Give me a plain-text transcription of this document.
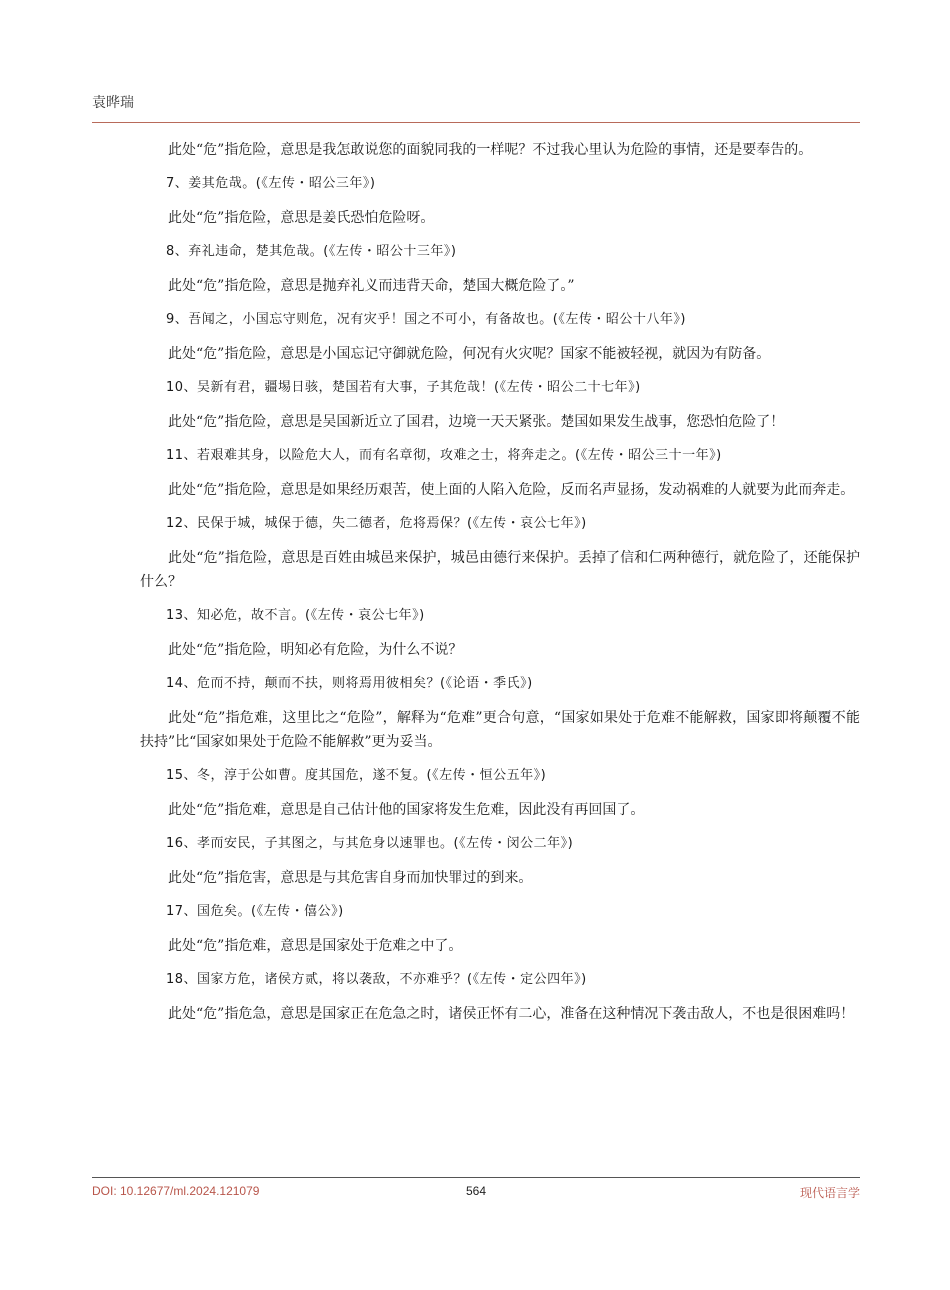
袁晔瑞

此处“危”指危险，意思是我怎敢说您的面貌同我的一样呢？不过我心里认为危险的事情，还是要奉告的。

7、姜其危哉。(《左传・昭公三年》)

此处“危”指危险，意思是姜氏恐怕危险呀。

8、弃礼违命，楚其危哉。(《左传・昭公十三年》)

此处“危”指危险，意思是抛弃礼义而违背天命，楚国大概危险了。”

9、吾闻之，小国忘守则危，况有灾乎！国之不可小，有备故也。(《左传・昭公十八年》)

此处“危”指危险，意思是小国忘记守御就危险，何况有火灾呢？国家不能被轻视，就因为有防备。

10、吴新有君，疆埸日骇，楚国若有大事，子其危哉！(《左传・昭公二十七年》)

此处“危”指危险，意思是吴国新近立了国君，边境一天天紧张。楚国如果发生战事，您恐怕危险了！

11、若艰难其身，以险危大人，而有名章彻，攻难之士，将奔走之。(《左传・昭公三十一年》)

此处“危”指危险，意思是如果经历艰苦，使上面的人陷入危险，反而名声显扬，发动祸难的人就要为此而奔走。

12、民保于城，城保于德，失二德者，危将焉保？(《左传・哀公七年》)

此处“危”指危险，意思是百姓由城邑来保护，城邑由德行来保护。丢掉了信和仁两种德行，就危险了，还能保护什么？

13、知必危，故不言。(《左传・哀公七年》)

此处“危”指危险，明知必有危险，为什么不说？

14、危而不持，颠而不扶，则将焉用彼相矣？(《论语・季氏》)

此处“危”指危难，这里比之“危险”，解释为“危难”更合句意，“国家如果处于危难不能解救，国家即将颠覆不能扶持”比“国家如果处于危险不能解救”更为妥当。

15、冬，淳于公如曹。度其国危，遂不复。(《左传・恒公五年》)

此处“危”指危难，意思是自己估计他的国家将发生危难，因此没有再回国了。

16、孝而安民，子其图之，与其危身以速罪也。(《左传・闵公二年》)

此处“危”指危害，意思是与其危害自身而加快罪过的到来。

17、国危矣。(《左传・僖公》)

此处“危”指危难，意思是国家处于危难之中了。

18、国家方危，诸侯方贰，将以袭敌，不亦难乎？(《左传・定公四年》)

此处“危”指危急，意思是国家正在危急之时，诸侯正怀有二心，准备在这种情况下袭击敌人，不也是很困难吗！

DOI: 10.12677/ml.2024.121079	564	现代语言学
